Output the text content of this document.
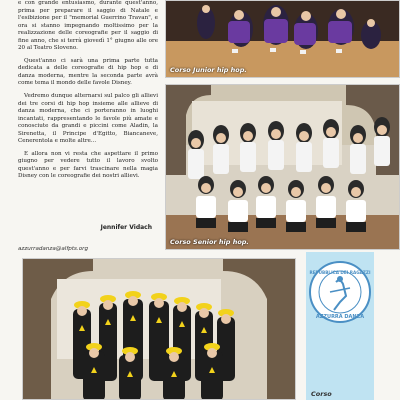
e con grande entusiasmo, durante quest'anno, prima per preparare il saggio di Natale e l'esibizione per il "memorial Guerrino Travan", e ora si stanno impegnando moltissimo per la realizzazione delle coreografie per il saggio di fine anno, che si terrà giovedì 1° giugno alle ore 20 al Teatro Sloveno.

Quest'anno ci sarà una prima parte tutta dedicata a delle coreografie di hip hop e di danza moderna, mentre la seconda parte avrà come tema il mondo delle favole Disney.

Vedremo dunque alternarsi sul palco gli allievi dei tre corsi di hip hop insieme alle allieve di danza moderna, che ci porteranno in luoghi incantati, rappresentando le favole più amate e conosciute da grandi e piccini come Aladin, la Sirenetta, il Principe d'Egitto, Biancaneve, Cenerentola e molte altre...

E allora non vi resta che aspettare il primo giugno per vedere tutto il lavoro svolto quest'anno e per farvi trascinare nella magia Disney con le coreografie dei nostri allievi.

Jennifer Vidach
azzurradanza@alfpts.org
Corso Junior hip hop.
Corso Senior hip hop.
REPUBBLICA DEI RAGAZZI
AZZURRA DANZA
Corso
